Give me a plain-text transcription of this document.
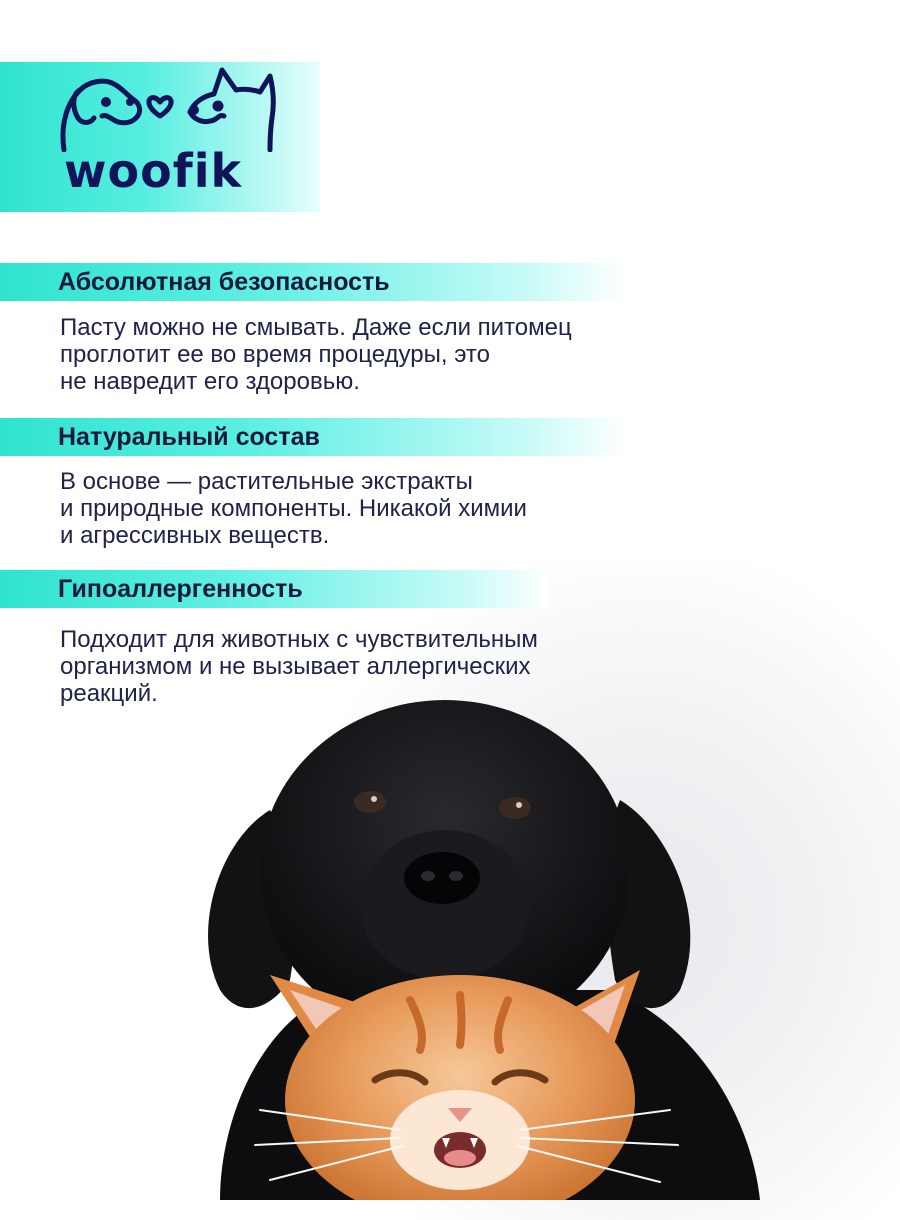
woofik
Абсолютная безопасность
Пасту можно не смывать. Даже если питомец
проглотит ее во время процедуры, это
не навредит его здоровью.
Натуральный состав
В основе — растительные экстракты
и природные компоненты. Никакой химии
и агрессивных веществ.
Гипоаллергенность
Подходит для животных с чувствительным
организмом и не вызывает аллергических
реакций.
